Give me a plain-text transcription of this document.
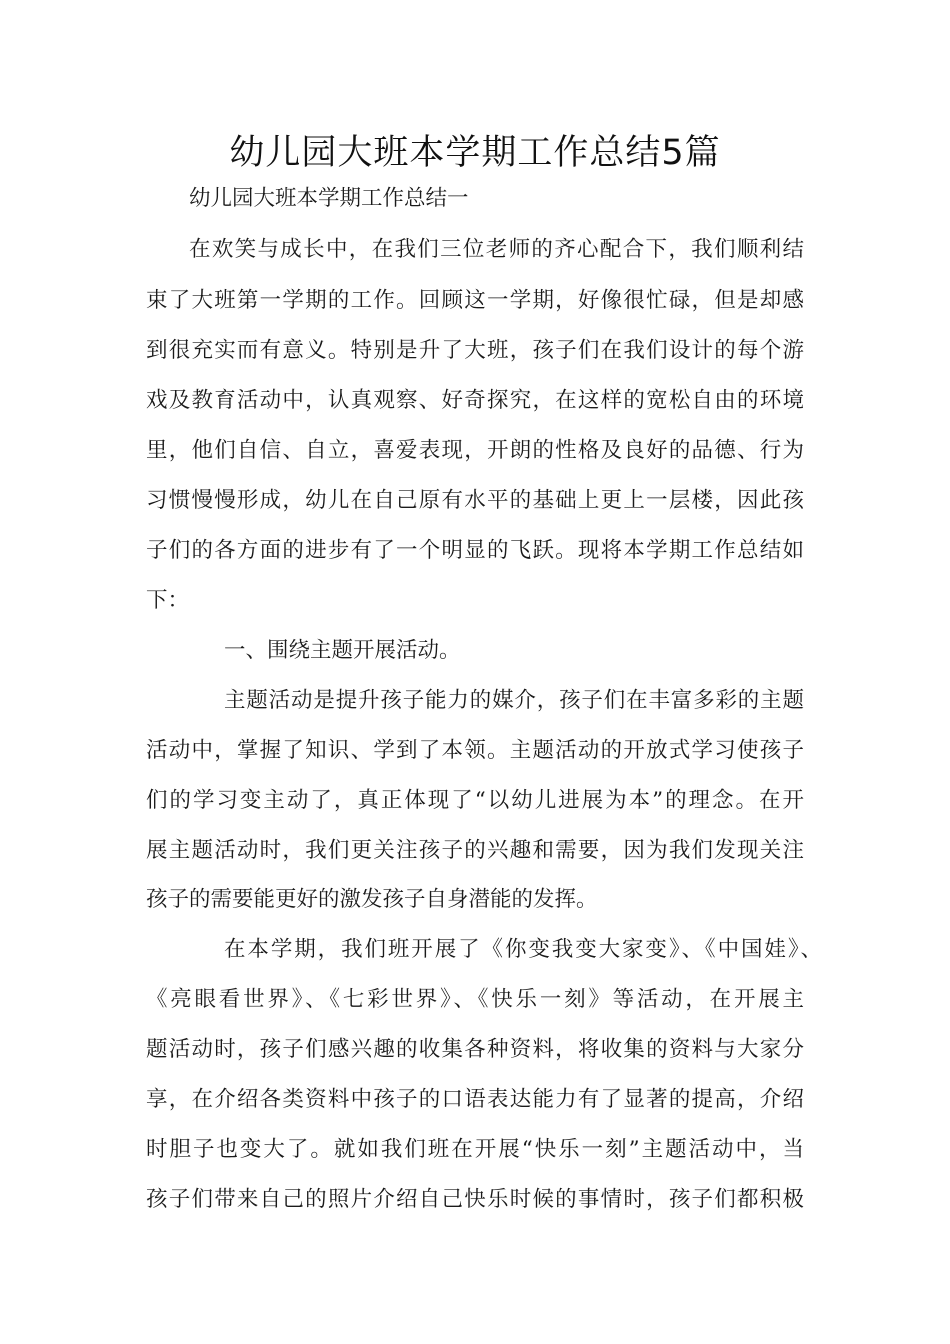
幼儿园大班本学期工作总结5篇
幼儿园大班本学期工作总结一
在欢笑与成长中，在我们三位老师的齐心配合下，我们顺利结
束了大班第一学期的工作。回顾这一学期，好像很忙碌，但是却感
到很充实而有意义。特别是升了大班，孩子们在我们设计的每个游
戏及教育活动中，认真观察、好奇探究，在这样的宽松自由的环境
里，他们自信、自立，喜爱表现，开朗的性格及良好的品德、行为
习惯慢慢形成，幼儿在自己原有水平的基础上更上一层楼，因此孩
子们的各方面的进步有了一个明显的飞跃。现将本学期工作总结如
下：
一、围绕主题开展活动。
主题活动是提升孩子能力的媒介，孩子们在丰富多彩的主题
活动中，掌握了知识、学到了本领。主题活动的开放式学习使孩子
们的学习变主动了，真正体现了“以幼儿进展为本”的理念。在开
展主题活动时，我们更关注孩子的兴趣和需要，因为我们发现关注
孩子的需要能更好的激发孩子自身潜能的发挥。
在本学期，我们班开展了《你变我变大家变》、《中国娃》、
《亮眼看世界》、《七彩世界》、《快乐一刻》等活动，在开展主
题活动时，孩子们感兴趣的收集各种资料，将收集的资料与大家分
享，在介绍各类资料中孩子的口语表达能力有了显著的提高，介绍
时胆子也变大了。就如我们班在开展“快乐一刻”主题活动中，当
孩子们带来自己的照片介绍自己快乐时候的事情时，孩子们都积极
